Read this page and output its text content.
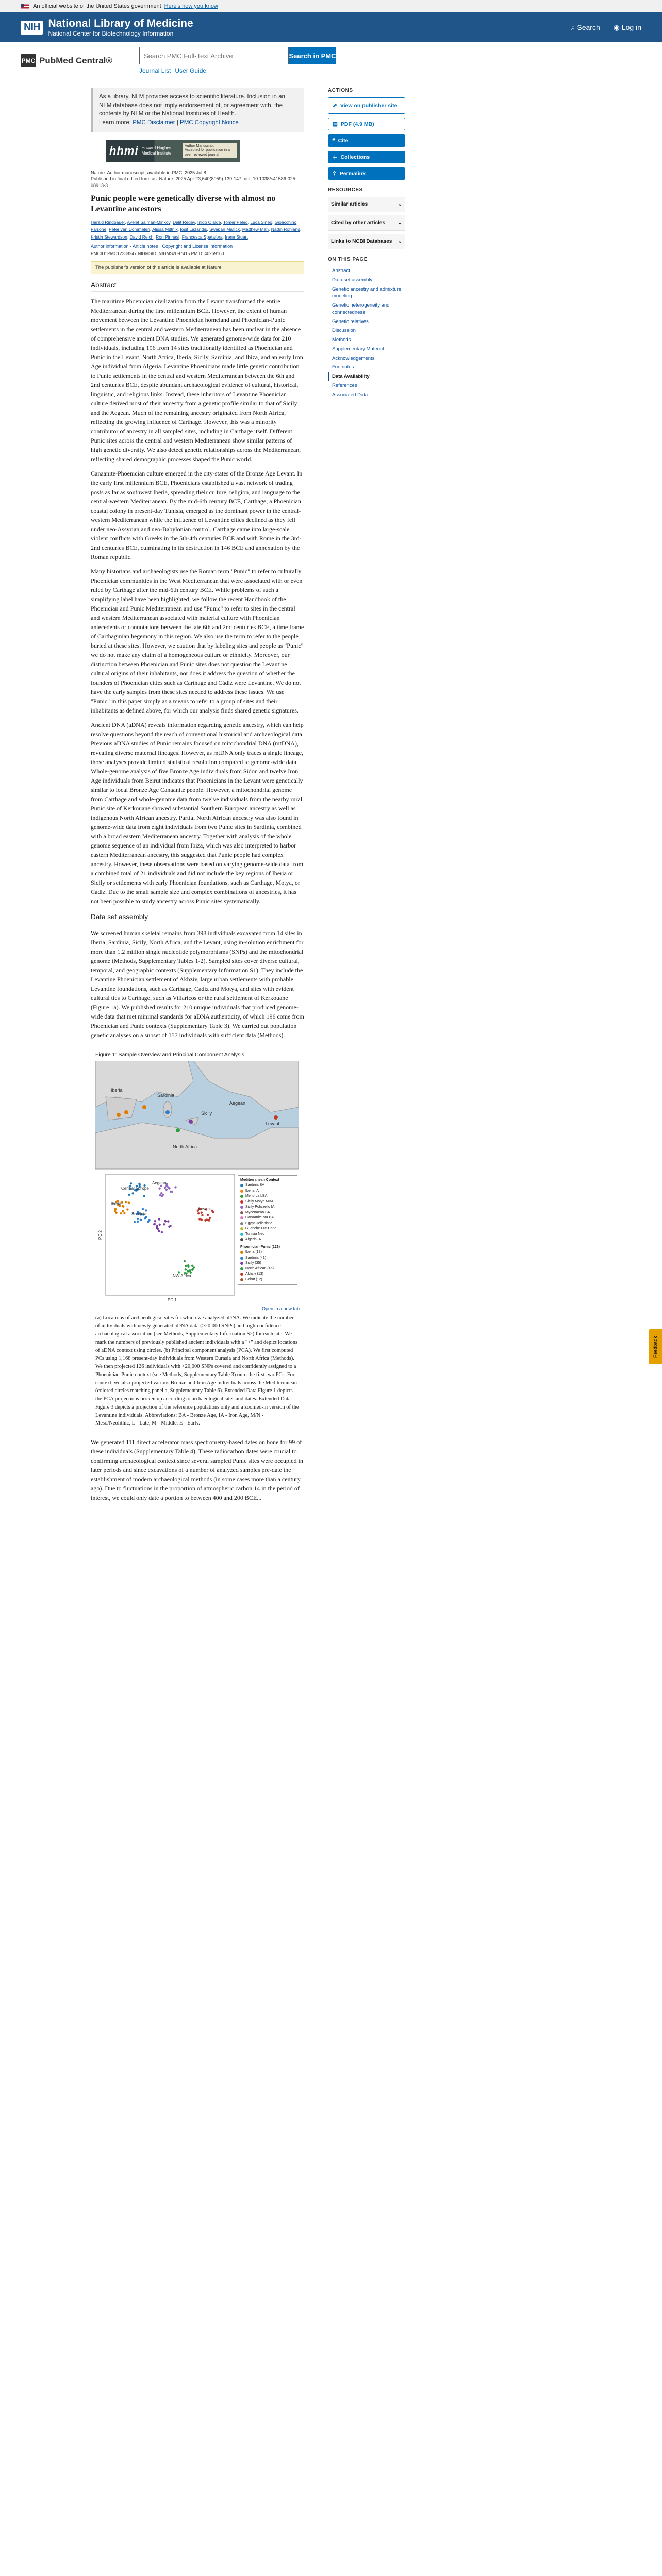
An official website of the United States government Here's how you know
NIH National Library of Medicine
National Center for Biotechnology Information
⌕ Search ◉ Log in
PMC PubMed Central®
Search PMC Full-Text Archive	Search in PMC
Journal List User Guide
As a library, NLM provides access to scientific literature. Inclusion in an NLM database does not imply endorsement of, or agreement with, the contents by NLM or the National Institutes of Health.
Learn more: PMC Disclaimer | PMC Copyright Notice
hhmi Howard Hughes Medical Institute
Author Manuscript
Accepted for publication in a peer reviewed journal
Nature. Author manuscript; available in PMC: 2025 Jul 8.
Published in final edited form as: Nature. 2025 Apr 23;640(8059):139-147. doi: 10.1038/s41586-025-08913-3
Punic people were genetically diverse with almost no Levantine ancestors
Harald Ringbauer, Ayelet Salman-Minkov, Dalit Regev, Iñigo Olalde, Tomer Peled, Luca Sineo, Gioacchino Falsone, Peter van Dommelen, Alissa Mittnik, Iosif Lazaridis, Swapan Mallick, Matthew Mah, Nadin Rohland, Kristin Stewardson, David Reich, Ron Pinhasi, Francesca Spatafora, Irene Stuart
Author information · Article notes · Copyright and License information
PMCID: PMC12238247 NIHMSID: NIHMS2097415 PMID: 40269160
The publisher's version of this article is available at Nature
Abstract

The maritime Phoenician civilization from the Levant transformed the entire Mediterranean during the first millennium BCE. However, the extent of human movement between the Levantine Phoenician homeland and Phoenician-Punic settlements in the central and western Mediterranean has been unclear in the absence of comprehensive ancient DNA studies. We generated genome-wide data for 210 individuals, including 196 from 14 sites traditionally identified as Phoenician and Punic in the Levant, North Africa, Iberia, Sicily, Sardinia, and Ibiza, and an early Iron Age individual from Algeria. Levantine Phoenicians made little genetic contribution to Punic settlements in the central and western Mediterranean between the 6th and 2nd centuries BCE, despite abundant archaeological evidence of cultural, historical, linguistic, and religious links. Instead, these inheritors of Levantine Phoenician culture derived most of their ancestry from a genetic profile similar to that of Sicily and the Aegean. Much of the remaining ancestry originated from North Africa, reflecting the growing influence of Carthage. However, this was a minority contributor of ancestry in all sampled sites, including in Carthage itself. Different Punic sites across the central and western Mediterranean show similar patterns of high genetic diversity. We also detect genetic relationships across the Mediterranean, reflecting shared demographic processes shaped the Punic world.

Canaanite-Phoenician culture emerged in the city-states of the Bronze Age Levant. In the early first millennium BCE, Phoenicians established a vast network of trading posts as far as southwest Iberia, spreading their culture, religion, and language to the central-western Mediterranean. By the mid-6th century BCE, Carthage, a Phoenician coastal colony in present-day Tunisia, emerged as the dominant power in the central-western Mediterranean while the influence of Levantine cities declined as they fell under neo-Assyrian and neo-Babylonian control. Carthage came into large-scale violent conflicts with Greeks in the 5th-4th centuries BCE and with Rome in the 3rd-2nd centuries BCE, culminating in its destruction in 146 BCE and annexation by the Roman republic.

Many historians and archaeologists use the Roman term "Punic" to refer to culturally Phoenician communities in the West Mediterranean that were associated with or even ruled by Carthage after the mid-6th century BCE. While problems of such a simplifying label have been highlighted, we follow the recent Handbook of the Phoenician and Punic Mediterranean and use "Punic" to refer to sites in the central and western Mediterranean associated with material culture with Phoenician antecedents or connotations between the late 6th and 2nd centuries BCE, a time frame of Carthaginian hegemony in this region. We also use the term to refer to the people buried at these sites. However, we caution that by labeling sites and people as "Punic" we do not make any claim of a homogeneous culture or ethnicity. Moreover, our distinction between Phoenician and Punic sites does not question the Levantine cultural origins of their inhabitants, nor does it address the question of whether the founders of Phoenician cities such as Carthage and Cádiz were Levantine. We do not have the early samples from these sites needed to address these issues. We use "Punic" in this paper simply as a means to refer to a group of sites and their inhabitants as defined above, for which our analysis finds shared genetic signatures.

Ancient DNA (aDNA) reveals information regarding genetic ancestry, which can help resolve questions beyond the reach of conventional historical and archaeological data. Previous aDNA studies of Punic remains focused on mitochondrial DNA (mtDNA), revealing diverse maternal lineages. However, as mtDNA only traces a single lineage, those analyses provide limited statistical resolution compared to genome-wide data. Whole-genome analysis of five Bronze Age individuals from Sidon and twelve Iron Age individuals from Beirut indicates that Phoenicians in the Levant were genetically similar to local Bronze Age Canaanite people. However, a mitochondrial genome from Carthage and whole-genome data from twelve individuals from the nearby rural Punic site of Kerkouane showed substantial Southern European ancestry as well as indigenous North African ancestry. Partial North African ancestry was also found in genome-wide data from eight individuals from two Punic sites in Sardinia, combined with a broad eastern Mediterranean ancestry. Together with analysis of the whole genome sequence of an individual from Ibiza, which was also interpreted to harbor eastern Mediterranean ancestry, this suggested that Punic people had complex ancestry. However, these observations were based on varying genome-wide data from a combined total of 21 individuals and did not include the key regions of Iberia or Sicily or settlements with early Phoenician foundations, such as Carthage, Motya, or Cádiz. Due to the small sample size and complex combinations of ancestries, it has not been possible to study ancestry across Punic sites systematically.

Data set assembly

We screened human skeletal remains from 398 individuals excavated from 14 sites in Iberia, Sardinia, Sicily, North Africa, and the Levant, using in-solution enrichment for more than 1.2 million single nucleotide polymorphisms (SNPs) and the mitochondrial genome (Methods, Supplementary Tables 1-2). Sampled sites cover diverse cultural, temporal, and geographic contexts (Supplementary Information S1). They include the Levantine Phoenician settlement of Akhziv, large urban settlements with probable Levantine foundations, such as Carthage, Cádiz and Motya, and sites with evident cultural ties to Carthage, such as Villaricos or the rural settlement of Kerkouane (Figure 1a). We published results for 210 unique individuals that produced genome-wide data that met minimal standards for aDNA authenticity, of which 196 come from Phoenician and Punic contexts (Supplementary Table 3). We carried out population genetic analyses on a subset of 157 individuals with sufficient data (Methods).

Figure 1: Sample Overview and Principal Component Analysis.
Iberia
Sardinia
Sicily
Aegean
Levant
North Africa
Central Europe
Aegean
Sardinia
Levant
Iberia
NW Africa
PC 1
PC 2
Mediterranean Context
Sardinia BA
Iberia IA
Menorca LBA
Sicily Motya MBA
Sicily Polizzello IA
Mycenaean BA
Canaanite M/LBA
Egypt Hellenistic
Guanche Pre-Conq
Tunisia Neo
Algeria IA
Phoenician-Punic (126)
Iberia (17)
Sardinia (41)
Sicily (35)
North African (46)
Akhziv (13)
Beirut (12)
Open in a new tab

(a) Locations of archaeological sites for which we analyzed aDNA. We indicate the number of individuals with newly generated aDNA data (>20,000 SNPs) and high-confidence archaeological association (see Methods, Supplementary Information S2) for each site. We mark the numbers of previously published ancient individuals with a "+" and depict locations of aDNA context using circles. (b) Principal component analysis (PCA). We first computed PCs using 1,168 present-day individuals from Western Eurasia and North Africa (Methods). We then projected 126 individuals with >20,000 SNPs covered and confidently assigned to a Phoenician-Punic context (see Methods, Supplementary Table 3) onto the first two PCs. For context, we also projected various Bronze and Iron Age individuals across the Mediterranean (colored circles matching panel a, Supplementary Table 6). Extended Data Figure 1 depicts the PCA projections broken up according to archaeological sites and dates. Extended Data Figure 3 depicts a projection of the reference populations only and a zoomed-in version of the Levantine individuals. Abbreviations: BA - Bronze Age, IA - Iron Age, M/N - Meso/Neolithic, L - Late, M - Middle, E - Early.

We generated 111 direct accelerator mass spectrometry-based dates on bone for 99 of these individuals (Supplementary Table 4). These radiocarbon dates were crucial to confirming archaeological context since several sampled Punic sites were occupied in later periods and since excavations of a number of analyzed samples pre-date the establishment of modern archaeological methods (in some cases more than a century ago). Due to fluctuations in the proportion of atmospheric carbon 14 in the period of interest, we could only date a portion to between 400 and 200 BCE...

ACTIONS
⇗ View on publisher site
▤ PDF (4.9 MB)
❝ Cite
＋ Collections
⇪ Permalink
RESOURCES
Similar articles	⌄
Cited by other articles ⌄
Links to NCBI Databases ⌄
ON THIS PAGE
Abstract
Data set assembly
Genetic ancestry and admixture modeling
Genetic heterogeneity and connectedness
Genetic relatives
Discussion
Methods
Supplementary Material
Acknowledgements
Footnotes
Data Availability
References
Associated Data
Feedback
